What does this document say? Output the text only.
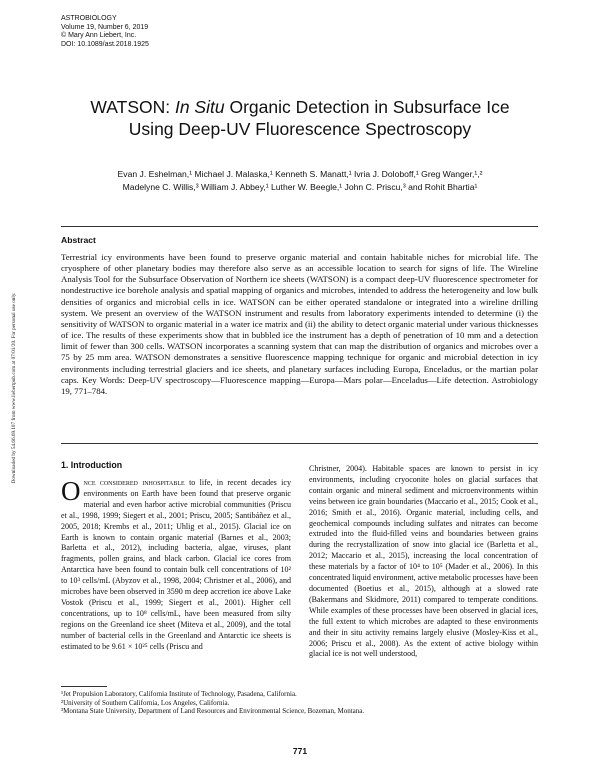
ASTROBIOLOGY
Volume 19, Number 6, 2019
© Mary Ann Liebert, Inc.
DOI: 10.1089/ast.2018.1925
WATSON: In Situ Organic Detection in Subsurface Ice
Using Deep-UV Fluorescence Spectroscopy
Evan J. Eshelman,¹ Michael J. Malaska,¹ Kenneth S. Manatt,¹ Ivria J. Doloboff,¹ Greg Wanger,¹,²
Madelyne C. Willis,³ William J. Abbey,¹ Luther W. Beegle,¹ John C. Priscu,³ and Rohit Bhartia¹
Abstract

Terrestrial icy environments have been found to preserve organic material and contain habitable niches for microbial life. The cryosphere of other planetary bodies may therefore also serve as an accessible location to search for signs of life. The Wireline Analysis Tool for the Subsurface Observation of Northern ice sheets (WATSON) is a compact deep-UV fluorescence spectrometer for nondestructive ice borehole analysis and spatial mapping of organics and microbes, intended to address the heterogeneity and low bulk densities of organics and microbial cells in ice. WATSON can be either operated standalone or integrated into a wireline drilling system. We present an overview of the WATSON instrument and results from laboratory experiments intended to determine (i) the sensitivity of WATSON to organic material in a water ice matrix and (ii) the ability to detect organic material under various thicknesses of ice. The results of these experiments show that in bubbled ice the instrument has a depth of penetration of 10 mm and a detection limit of fewer than 300 cells. WATSON incorporates a scanning system that can map the distribution of organics and microbes over a 75 by 25 mm area. WATSON demonstrates a sensitive fluorescence mapping technique for organic and microbial detection in icy environments including terrestrial glaciers and ice sheets, and planetary surfaces including Europa, Enceladus, or the martian polar caps. Key Words: Deep-UV spectroscopy—Fluorescence mapping—Europa—Mars polar—Enceladus—Life detection. Astrobiology 19, 771–784.

Downloaded by 54.66.69.107 from www.liebertpub.com at 07/01/20. For personal use only.	1. Introduction

Once considered inhospitable to life, in recent decades icy environments on Earth have been found that preserve organic material and even harbor active microbial communities (Priscu et al., 1998, 1999; Siegert et al., 2001; Priscu, 2005; Santibáñez et al., 2005, 2018; Krembs et al., 2011; Uhlig et al., 2015). Glacial ice on Earth is known to contain organic material (Barnes et al., 2003; Barletta et al., 2012), including bacteria, algae, viruses, plant fragments, pollen grains, and black carbon. Glacial ice cores from Antarctica have been found to contain bulk cell concentrations of 10² to 10³ cells/mL (Abyzov et al., 1998, 2004; Christner et al., 2006), and microbes have been observed in 3590 m deep accretion ice above Lake Vostok (Priscu et al., 1999; Siegert et al., 2001). Higher cell concentrations, up to 10⁸ cells/mL, have been measured from silty regions on the Greenland ice sheet (Miteva et al., 2009), and the total number of bacterial cells in the Greenland and Antarctic ice sheets is estimated to be 9.61 × 10²⁵ cells (Priscu and

Christner, 2004). Habitable spaces are known to persist in icy environments, including cryoconite holes on glacial surfaces that contain organic and mineral sediment and microenvironments within veins between ice grain boundaries (Maccario et al., 2015; Cook et al., 2016; Smith et al., 2016). Organic material, including cells, and geochemical compounds including sulfates and nitrates can become extruded into the fluid-filled veins and boundaries between grains during the recrystallization of snow into glacial ice (Barletta et al., 2012; Maccario et al., 2015), increasing the local concentration of these materials by a factor of 10⁴ to 10⁵ (Mader et al., 2006). In this concentrated liquid environment, active metabolic processes have been documented (Boetius et al., 2015), although at a slowed rate (Bakermans and Skidmore, 2011) compared to temperate conditions. While examples of these processes have been observed in glacial ices, the full extent to which microbes are adapted to these environments and their in situ activity remains largely elusive (Mosley-Kiss et al., 2006; Priscu et al., 2008). As the extent of active biology within glacial ice is not well understood,

¹Jet Propulsion Laboratory, California Institute of Technology, Pasadena, California.
²University of Southern California, Los Angeles, California.
³Montana State University, Department of Land Resources and Environmental Science, Bozeman, Montana.
771
